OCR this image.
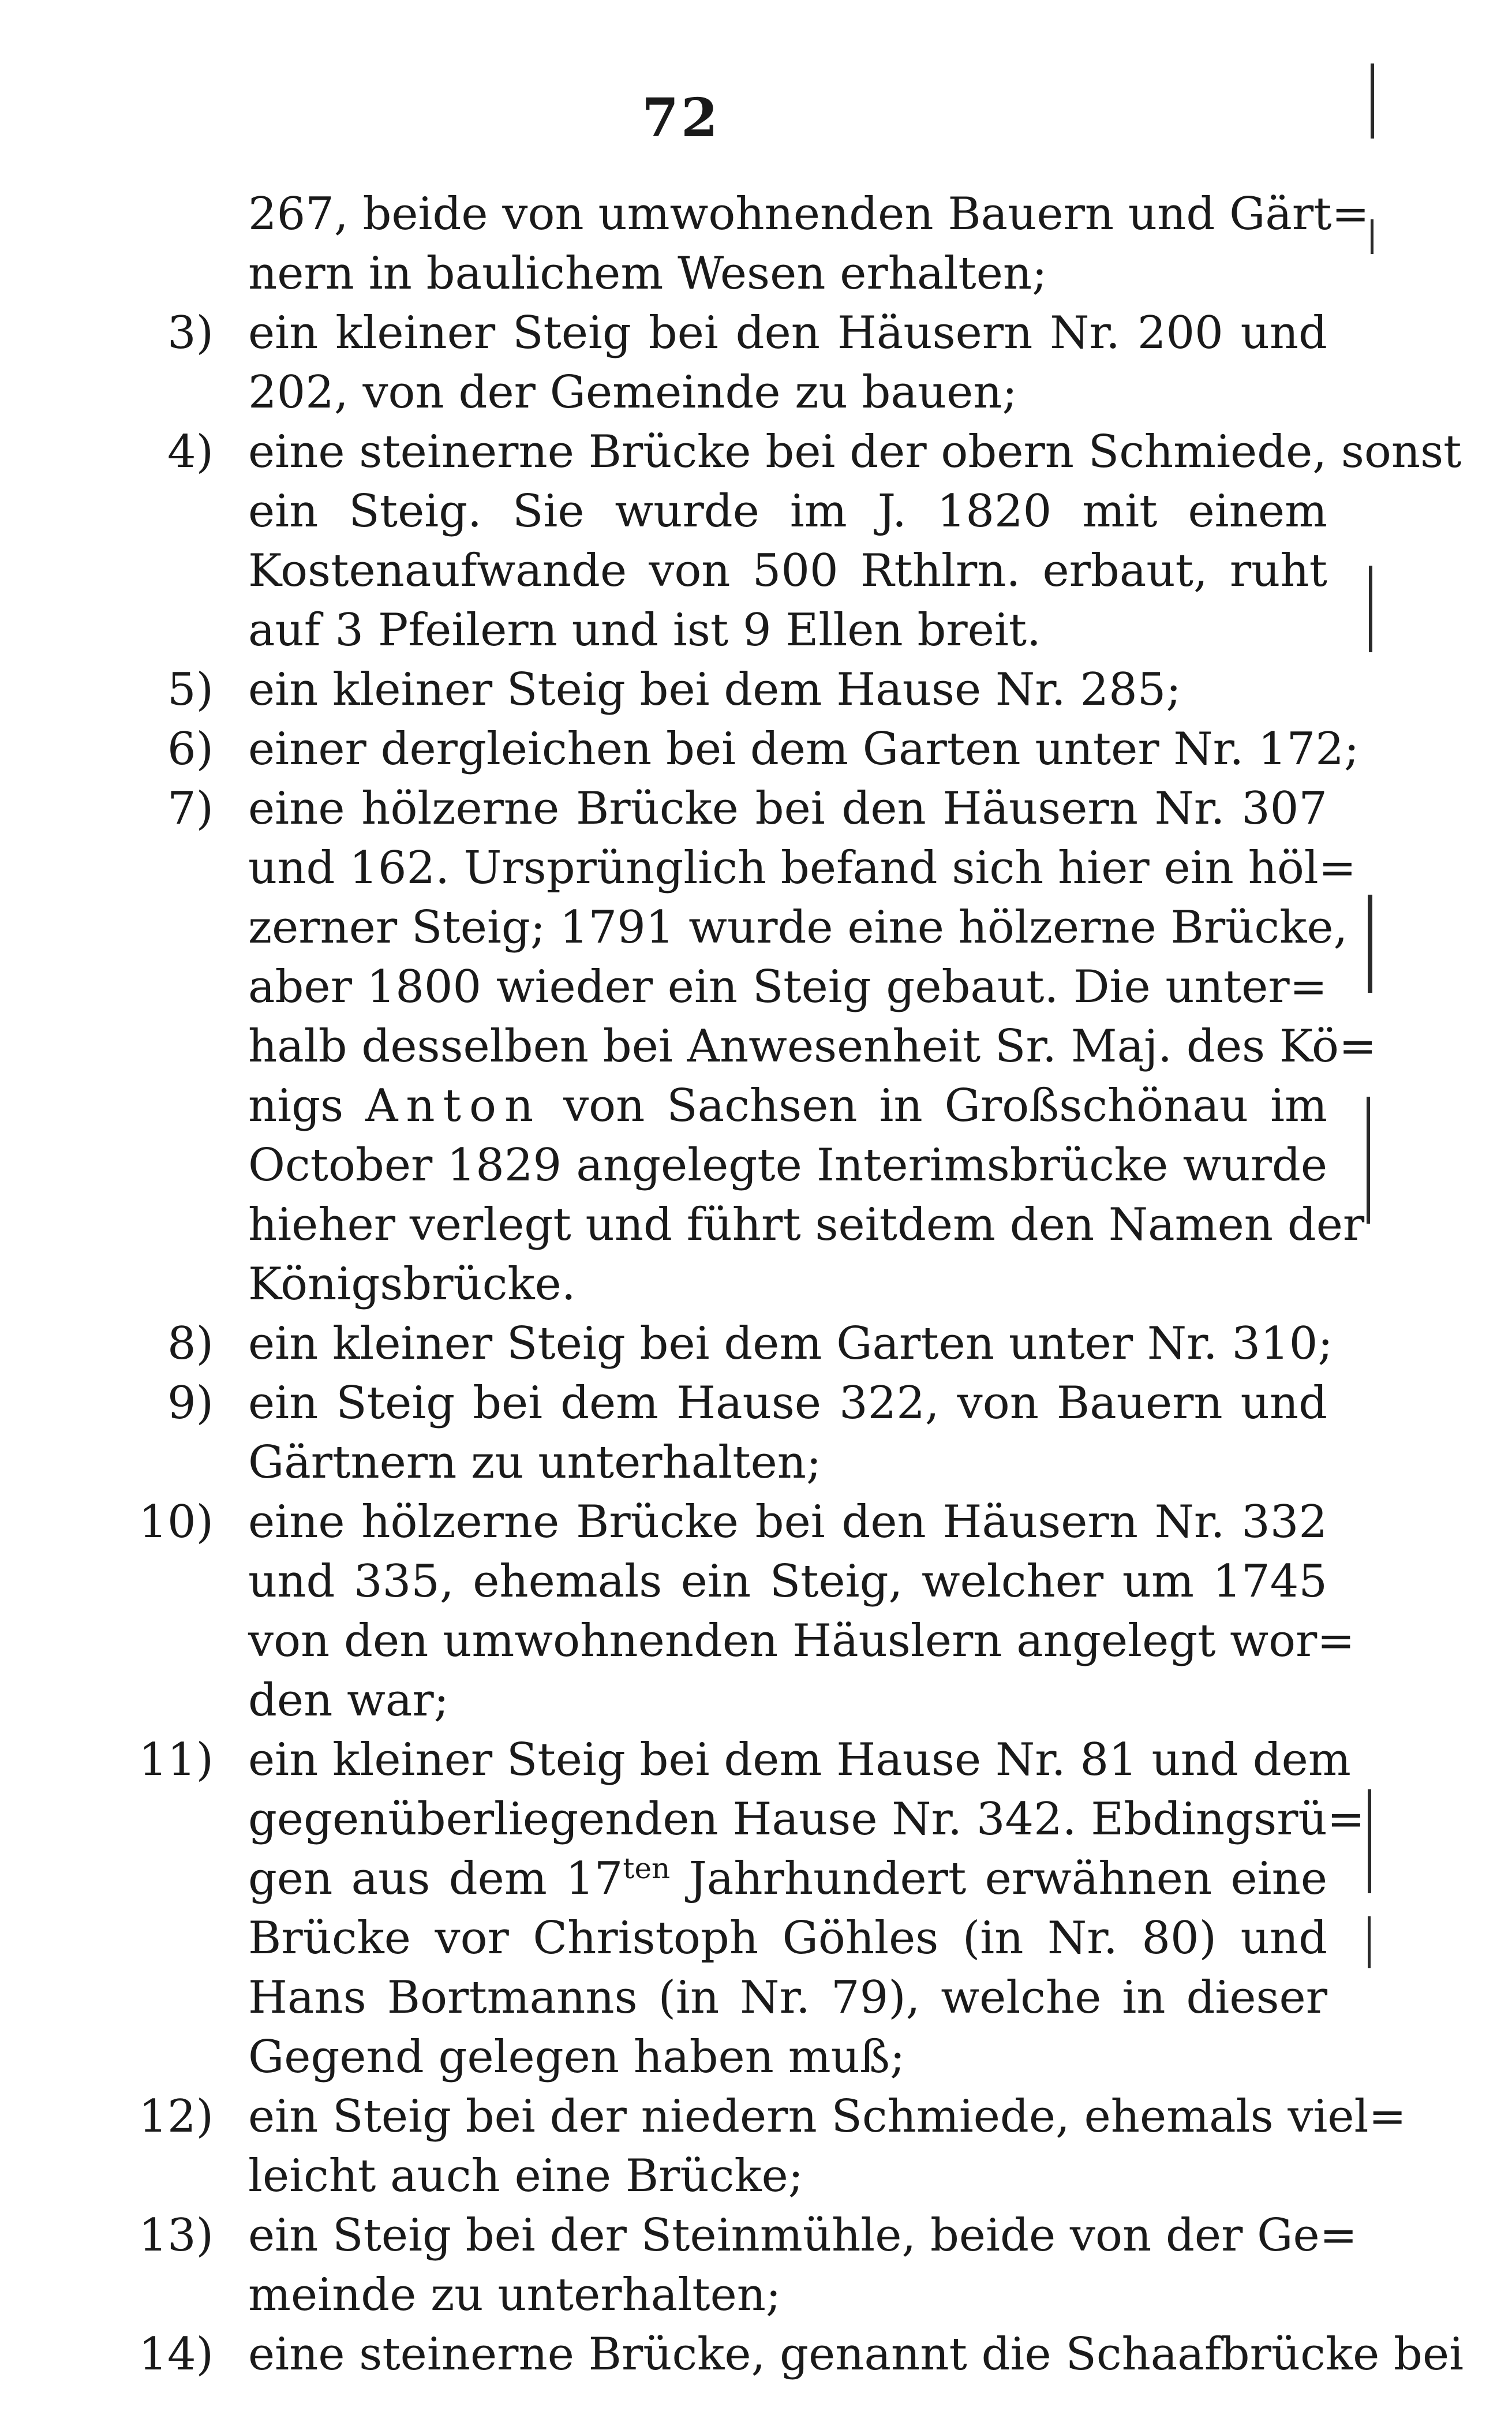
72
267, beide von umwohnenden Bauern und Gärt=
nern in baulichem Wesen erhalten;
3) ein kleiner Steig bei den Häusern Nr. 200 und
202, von der Gemeinde zu bauen;
4) eine steinerne Brücke bei der obern Schmiede, sonst
ein Steig. Sie wurde im J. 1820 mit einem
Kostenaufwande von 500 Rthlrn. erbaut, ruht
auf 3 Pfeilern und ist 9 Ellen breit.
5) ein kleiner Steig bei dem Hause Nr. 285;
6) einer dergleichen bei dem Garten unter Nr. 172;
7) eine hölzerne Brücke bei den Häusern Nr. 307
und 162. Ursprünglich befand sich hier ein höl=
zerner Steig; 1791 wurde eine hölzerne Brücke,
aber 1800 wieder ein Steig gebaut. Die unter=
halb desselben bei Anwesenheit Sr. Maj. des Kö=
nigs Anton von Sachsen in Großschönau im
October 1829 angelegte Interimsbrücke wurde
hieher verlegt und führt seitdem den Namen der
Königsbrücke.
8) ein kleiner Steig bei dem Garten unter Nr. 310;
9) ein Steig bei dem Hause 322, von Bauern und
Gärtnern zu unterhalten;
10) eine hölzerne Brücke bei den Häusern Nr. 332
und 335, ehemals ein Steig, welcher um 1745
von den umwohnenden Häuslern angelegt wor=
den war;
11) ein kleiner Steig bei dem Hause Nr. 81 und dem
gegenüberliegenden Hause Nr. 342. Ebdingsrü=
gen aus dem $17^{ten}$ Jahrhundert erwähnen eine
Brücke vor Christoph Göhles (in Nr. 80) und
Hans Bortmanns (in Nr. 79), welche in dieser
Gegend gelegen haben muß;
12) ein Steig bei der niedern Schmiede, ehemals viel=
leicht auch eine Brücke;
13) ein Steig bei der Steinmühle, beide von der Ge=
meinde zu unterhalten;
14) eine steinerne Brücke, genannt die Schaafbrücke bei
